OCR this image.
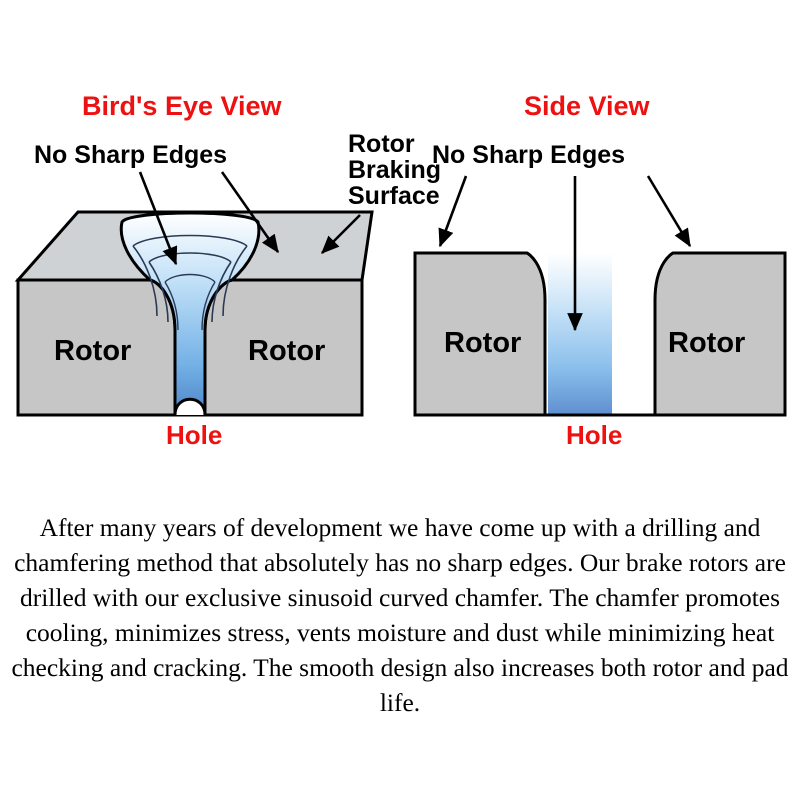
Rotor	Rotor
Bird's Eye View
No Sharp Edges	Rotor
Braking
Surface
Hole
Rotor	Rotor
Side View
No Sharp Edges
Hole
After many years of development we have come up with a drilling and chamfering method that absolutely has no sharp edges. Our brake rotors are drilled with our exclusive sinusoid curved chamfer. The chamfer promotes cooling, minimizes stress, vents moisture and dust while minimizing heat checking and cracking. The smooth design also increases both rotor and pad life.
